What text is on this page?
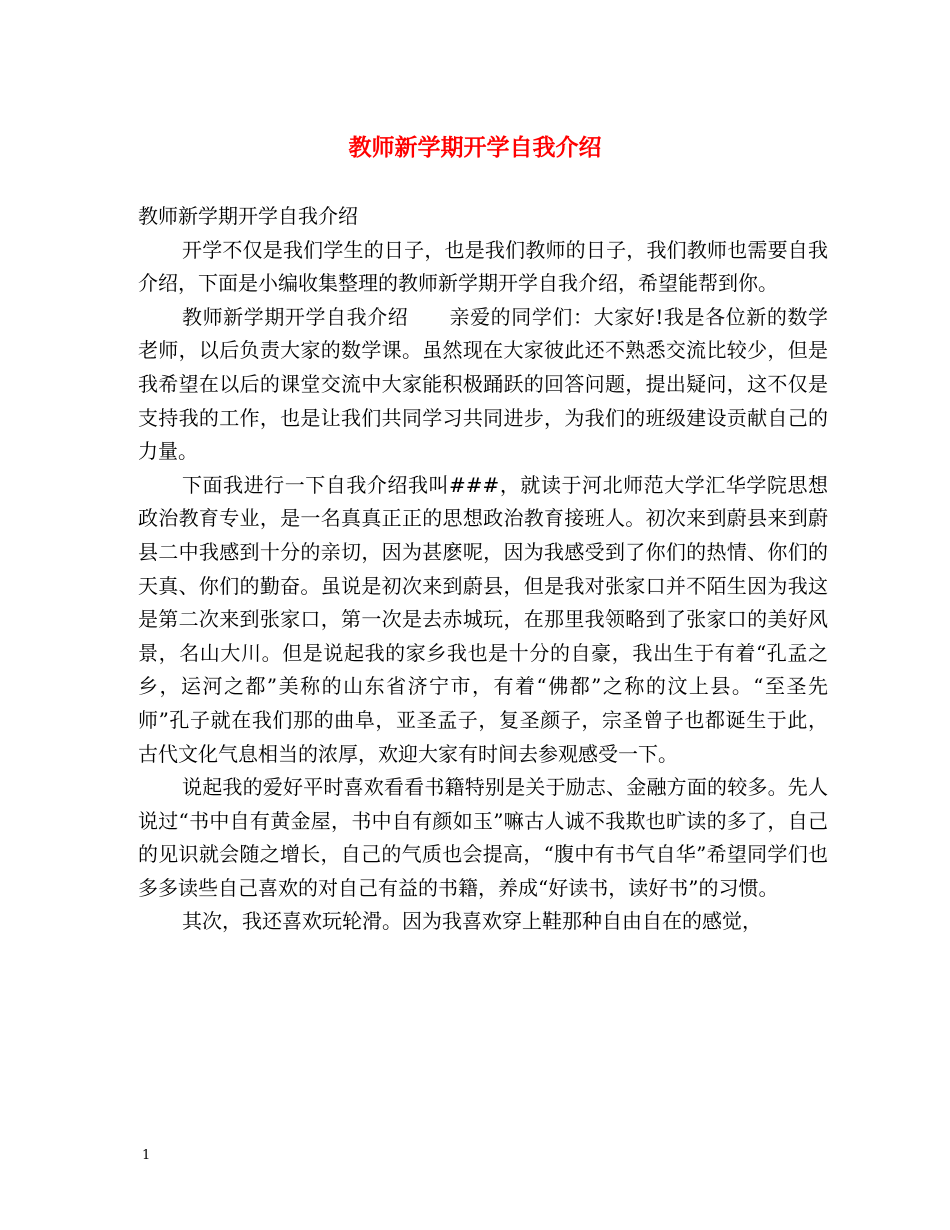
教师新学期开学自我介绍

教师新学期开学自我介绍

开学不仅是我们学生的日子，也是我们教师的日子，我们教师也需要自我介绍，下面是小编收集整理的教师新学期开学自我介绍，希望能帮到你。

教师新学期开学自我介绍　　亲爱的同学们：大家好!我是各位新的数学老师，以后负责大家的数学课。虽然现在大家彼此还不熟悉交流比较少，但是我希望在以后的课堂交流中大家能积极踊跃的回答问题，提出疑问，这不仅是支持我的工作，也是让我们共同学习共同进步，为我们的班级建设贡献自己的力量。

下面我进行一下自我介绍我叫###，就读于河北师范大学汇华学院思想政治教育专业，是一名真真正正的思想政治教育接班人。初次来到蔚县来到蔚县二中我感到十分的亲切，因为甚麽呢，因为我感受到了你们的热情、你们的天真、你们的勤奋。虽说是初次来到蔚县，但是我对张家口并不陌生因为我这是第二次来到张家口，第一次是去赤城玩，在那里我领略到了张家口的美好风景，名山大川。但是说起我的家乡我也是十分的自豪，我出生于有着“孔孟之乡，运河之都”美称的山东省济宁市，有着“佛都”之称的汶上县。“至圣先师”孔子就在我们那的曲阜，亚圣孟子，复圣颜子，宗圣曾子也都诞生于此，古代文化气息相当的浓厚，欢迎大家有时间去参观感受一下。

说起我的爱好平时喜欢看看书籍特别是关于励志、金融方面的较多。先人说过“书中自有黄金屋，书中自有颜如玉”嘛古人诚不我欺也旷读的多了，自己的见识就会随之增长，自己的气质也会提高，“腹中有书气自华”希望同学们也多多读些自己喜欢的对自己有益的书籍，养成“好读书，读好书”的习惯。

其次，我还喜欢玩轮滑。因为我喜欢穿上鞋那种自由自在的感觉，

1
